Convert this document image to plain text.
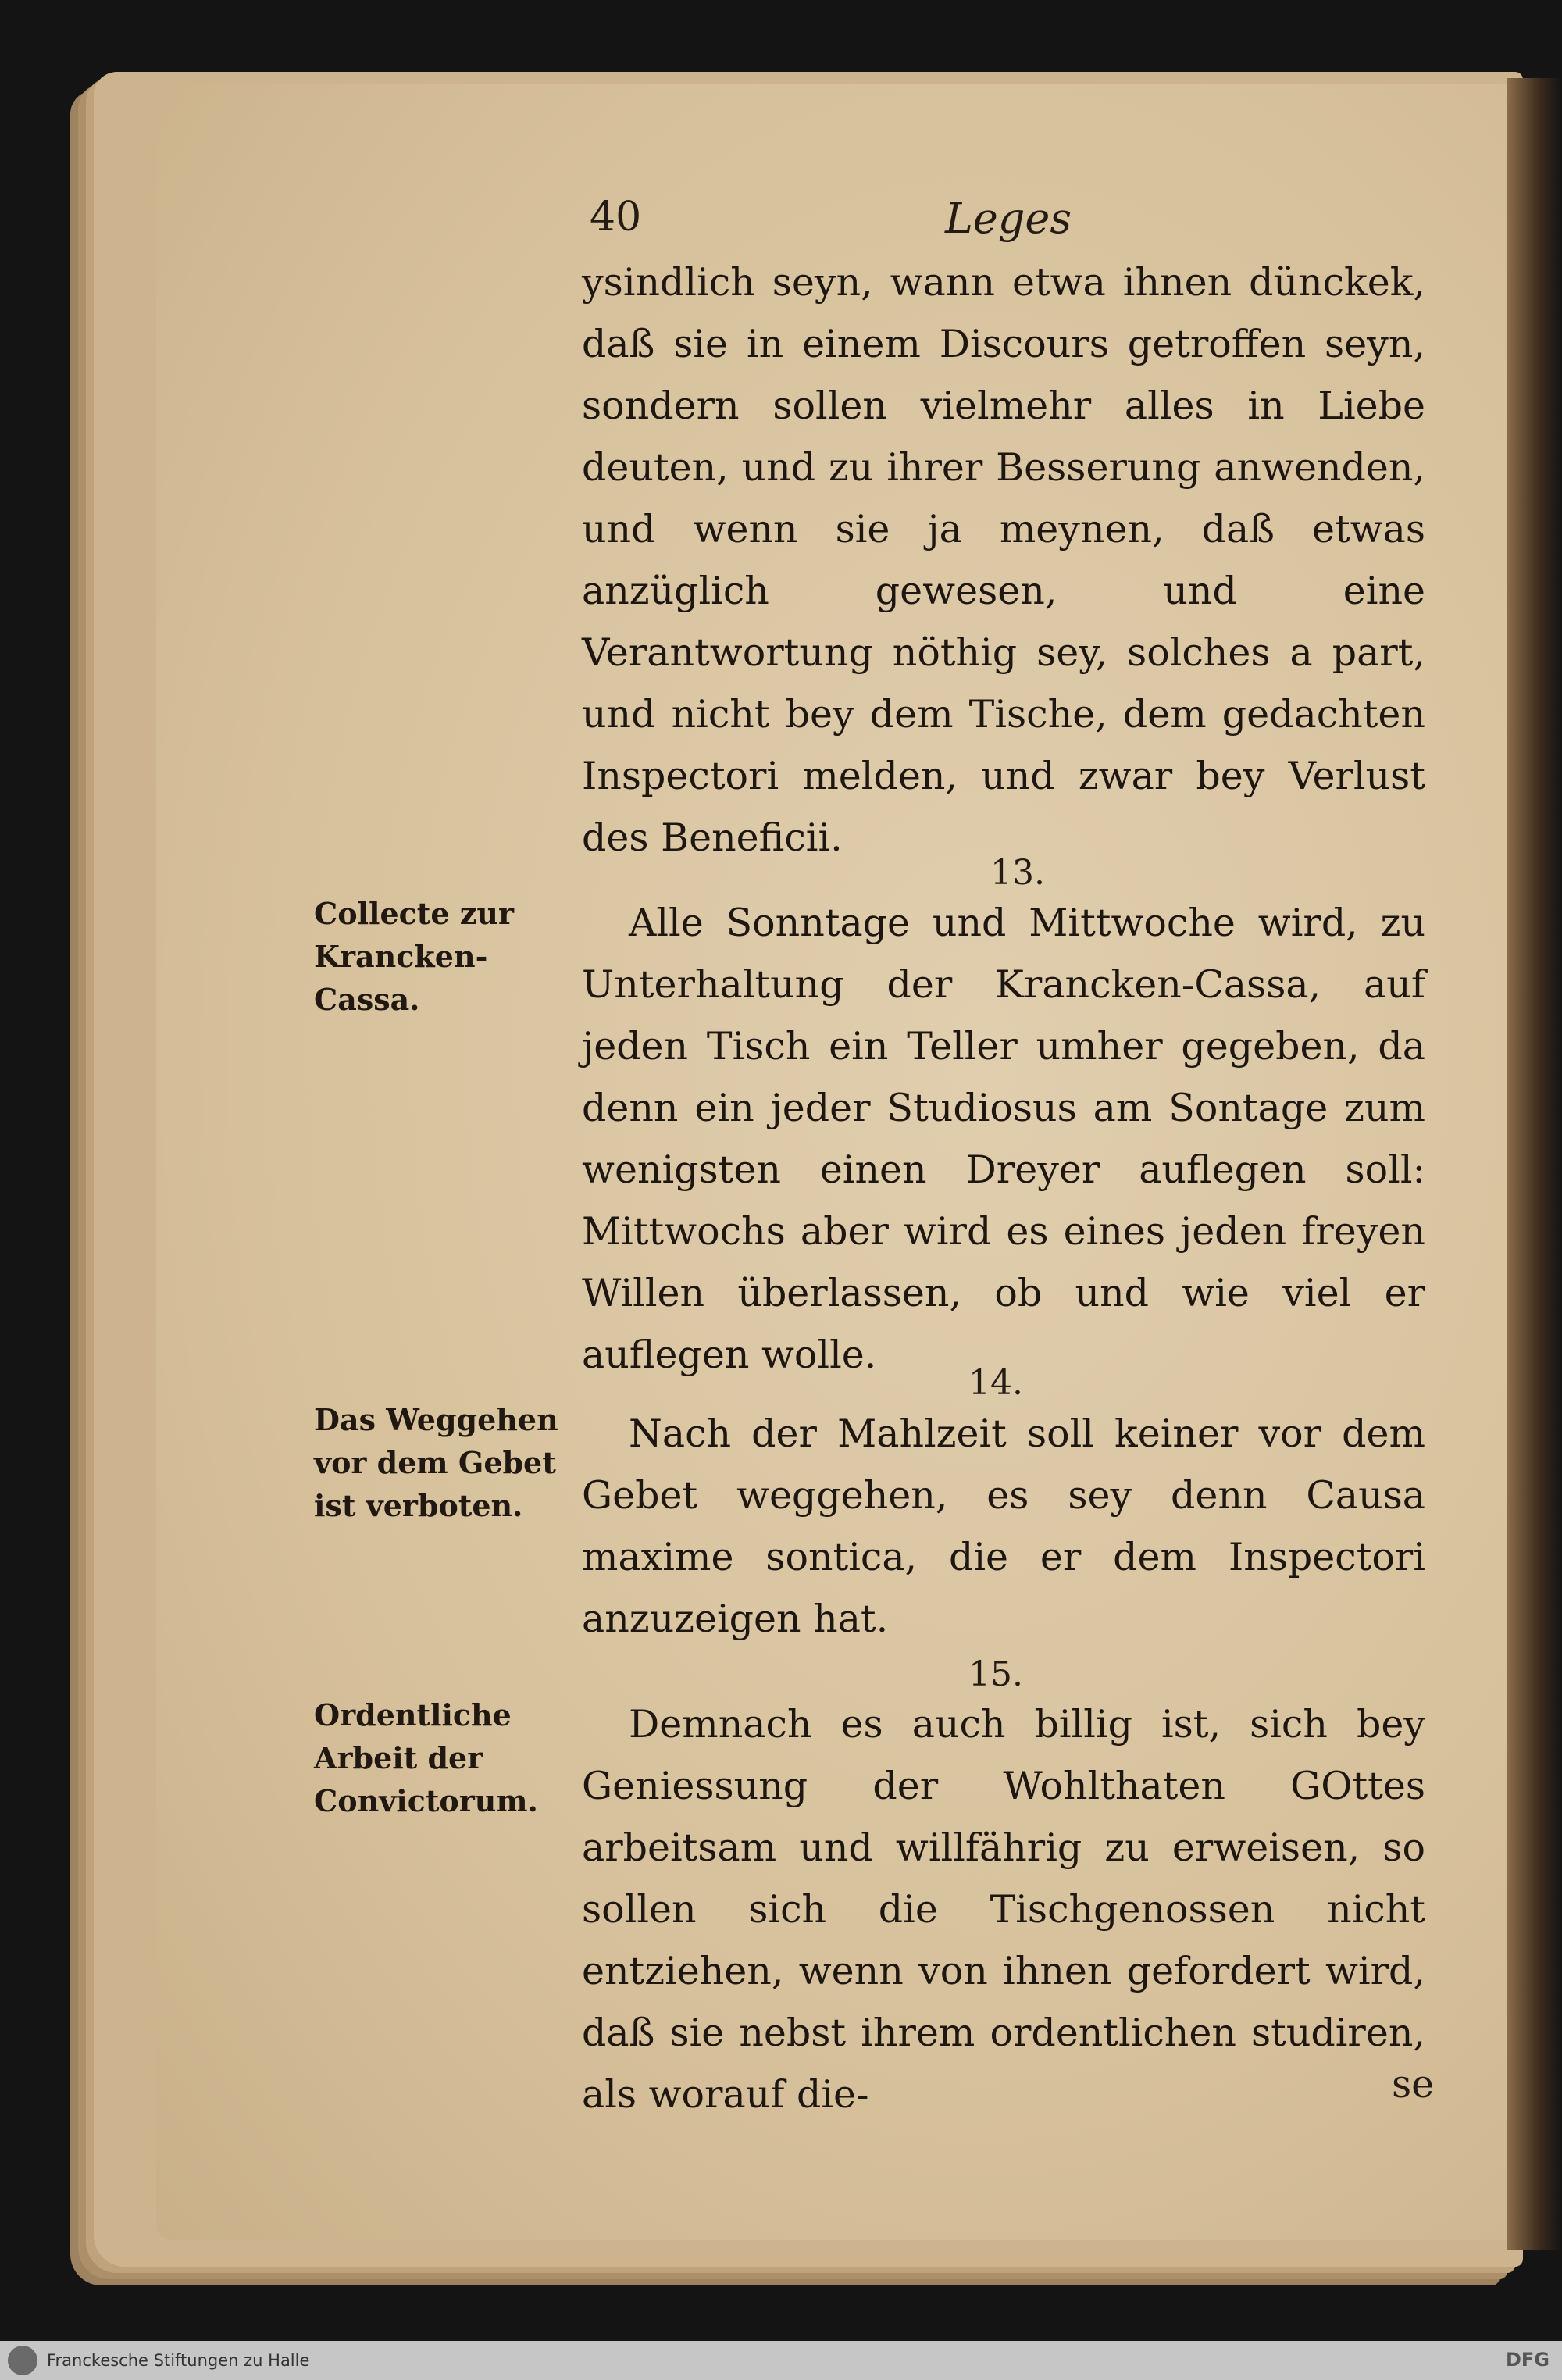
40	Leges
ysindlich seyn, wann etwa ihnen dünckek, daß sie in einem Discours getroffen seyn, sondern sollen vielmehr alles in Liebe deuten, und zu ihrer Besserung anwenden, und wenn sie ja meynen, daß etwas anzüglich gewesen, und eine Verantwortung nöthig sey, solches a part, und nicht bey dem Tische, dem gedachten Inspectori melden, und zwar bey Verlust des Beneficii.
13.
Collecte zur Krancken-Cassa.
Alle Sonntage und Mittwoche wird, zu Unterhaltung der Krancken-Cassa, auf jeden Tisch ein Teller umher gegeben, da denn ein jeder Studiosus am Sontage zum wenigsten einen Dreyer auflegen soll: Mittwochs aber wird es eines jeden freyen Willen überlassen, ob und wie viel er auflegen wolle.
14.
Das Weggehen vor dem Gebet ist verboten.
Nach der Mahlzeit soll keiner vor dem Gebet weggehen, es sey denn Causa maxime sontica, die er dem Inspectori anzuzeigen hat.
15.
Ordentliche Arbeit der Convictorum.
Demnach es auch billig ist, sich bey Geniessung der Wohlthaten GOttes arbeitsam und willfährig zu erweisen, so sollen sich die Tischgenossen nicht entziehen, wenn von ihnen gefordert wird, daß sie nebst ihrem ordentlichen studiren, als worauf die-	se
Franckesche Stiftungen zu Halle	DFG
